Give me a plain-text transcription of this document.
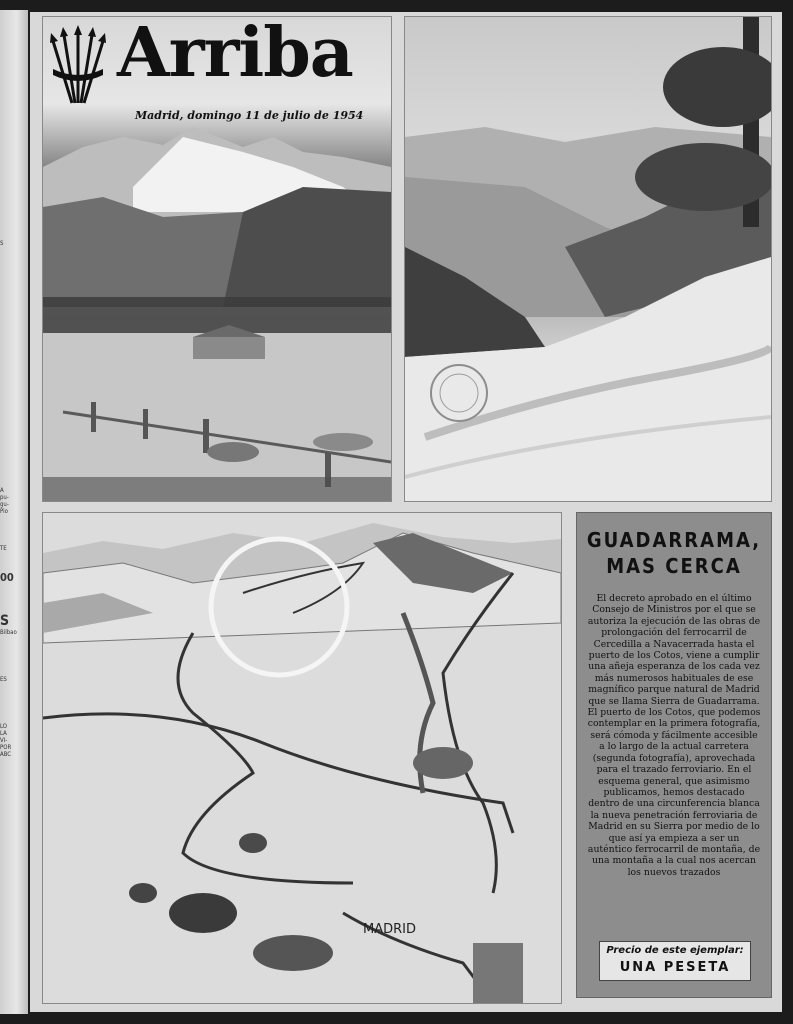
S
A
pu-
gu-
Pio
TE
00
S
Bilbao
ES
LO
LA
VI-
POR
ABC
Arriba
Madrid, domingo 11 de julio de 1954
MADRID
GUADARRAMA,
MAS CERCA
El decreto aprobado en el último Consejo de Ministros por el que se autoriza la ejecución de las obras de prolongación del ferrocarril de Cercedilla a Navacerrada hasta el puerto de los Cotos, viene a cumplir una añeja esperanza de los cada vez más numerosos habituales de ese magnífico parque natural de Madrid que se llama Sierra de Guadarrama. El puerto de los Cotos, que podemos contemplar en la primera fotografía, será cómoda y fácilmente accesible a lo largo de la actual carretera (segunda fotografía), aprovechada para el trazado ferroviario. En el esquema general, que asimismo publicamos, hemos destacado dentro de una circunferencia blanca la nueva penetración ferroviaria de Madrid en su Sierra por medio de lo que así ya empieza a ser un auténtico ferrocarril de montaña, de una montaña a la cual nos acercan los nuevos trazados
Precio de este ejemplar:
UNA PESETA
